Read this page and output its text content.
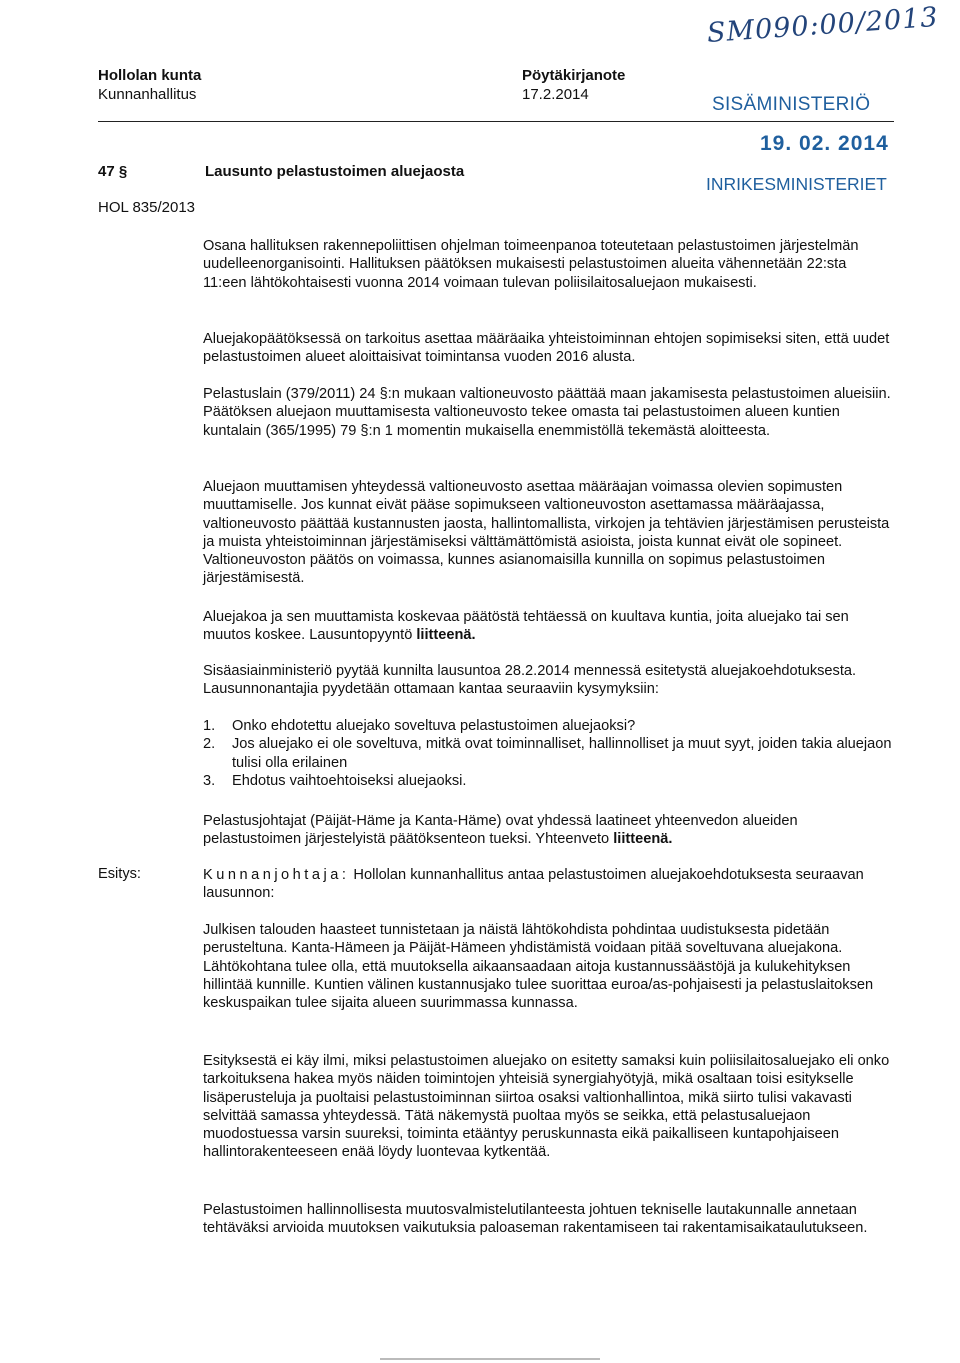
Hollolan kunta
Kunnanhallitus
Pöytäkirjanote
17.2.2014
SM090:00/2013
SISÄMINISTERIÖ
19. 02. 2014
INRIKESMINISTERIET
47 §	Lausunto pelastustoimen aluejaosta
HOL 835/2013

Osana hallituksen rakennepoliittisen ohjelman toimeenpanoa toteutetaan pelastustoimen järjestelmän uudelleenorganisointi. Hallituksen päätöksen mukaisesti pelastustoimen alueita vähennetään 22:sta 11:een lähtökohtaisesti vuonna 2014 voimaan tulevan poliisilaitosaluejaon mukaisesti.

Aluejakopäätöksessä on tarkoitus asettaa määräaika yhteistoiminnan ehtojen sopimiseksi siten, että uudet pelastustoimen alueet aloittaisivat toimintansa vuoden 2016 alusta.

Pelastuslain (379/2011) 24 §:n mukaan valtioneuvosto päättää maan jakamisesta pelastustoimen alueisiin. Päätöksen aluejaon muuttamisesta valtioneuvosto tekee omasta tai pelastustoimen alueen kuntien kuntalain (365/1995) 79 §:n 1 momentin mukaisella enemmistöllä tekemästä aloitteesta.

Aluejaon muuttamisen yhteydessä valtioneuvosto asettaa määräajan voimassa olevien sopimusten muuttamiselle. Jos kunnat eivät pääse sopimukseen valtioneuvoston asettamassa määräajassa, valtioneuvosto päättää kustannusten jaosta, hallintomallista, virkojen ja tehtävien järjestämisen perusteista ja muista yhteistoiminnan järjestämiseksi välttämättömistä asioista, joista kunnat eivät ole sopineet. Valtioneuvoston päätös on voimassa, kunnes asianomaisilla kunnilla on sopimus pelastustoimen järjestämisestä.

Aluejakoa ja sen muuttamista koskevaa päätöstä tehtäessä on kuultava kuntia, joita aluejako tai sen muutos koskee. Lausuntopyyntö liitteenä.

Sisäasiainministeriö pyytää kunnilta lausuntoa 28.2.2014 mennessä esitetystä aluejakoehdotuksesta. Lausunnonantajia pyydetään ottamaan kantaa seuraaviin kysymyksiin:

1. Onko ehdotettu aluejako soveltuva pelastustoimen aluejaoksi?
2. Jos aluejako ei ole soveltuva, mitkä ovat toiminnalliset, hallinnolliset ja muut syyt, joiden takia aluejaon tulisi olla erilainen
3. Ehdotus vaihtoehtoiseksi aluejaoksi.

Pelastusjohtajat (Päijät-Häme ja Kanta-Häme) ovat yhdessä laatineet yhteenvedon alueiden pelastustoimen järjestelyistä päätöksenteon tueksi. Yhteenveto liitteenä.

Esitys:	Kunnanjohtaja: Hollolan kunnanhallitus antaa pelastustoimen aluejakoehdotuksesta seuraavan lausunnon:

Julkisen talouden haasteet tunnistetaan ja näistä lähtökohdista pohdintaa uudistuksesta pidetään perusteltuna. Kanta-Hämeen ja Päijät-Hämeen yhdistämistä voidaan pitää soveltuvana aluejakona. Lähtökohtana tulee olla, että muutoksella aikaansaadaan aitoja kustannussäästöjä ja kulukehityksen hillintää kunnille. Kuntien välinen kustannusjako tulee suorittaa euroa/as-pohjaisesti ja pelastuslaitoksen keskuspaikan tulee sijaita alueen suurimmassa kunnassa.

Esityksestä ei käy ilmi, miksi pelastustoimen aluejako on esitetty samaksi kuin poliisilaitosaluejako eli onko tarkoituksena hakea myös näiden toimintojen yhteisiä synergiahyötyjä, mikä osaltaan toisi esitykselle lisäperusteluja ja puoltaisi pelastustoiminnan siirtoa osaksi valtionhallintoa, mikä siirto tulisi vakavasti selvittää samassa yhteydessä. Tätä näkemystä puoltaa myös se seikka, että pelastusaluejaon muodostuessa varsin suureksi, toiminta etääntyy peruskunnasta eikä paikalliseen kuntapohjaiseen hallintorakenteeseen enää löydy luontevaa kytkentää.

Pelastustoimen hallinnollisesta muutosvalmistelutilanteesta johtuen tekniselle lautakunnalle annetaan tehtäväksi arvioida muutoksen vaikutuksia paloaseman rakentamiseen tai rakentamisaikataulutukseen.
